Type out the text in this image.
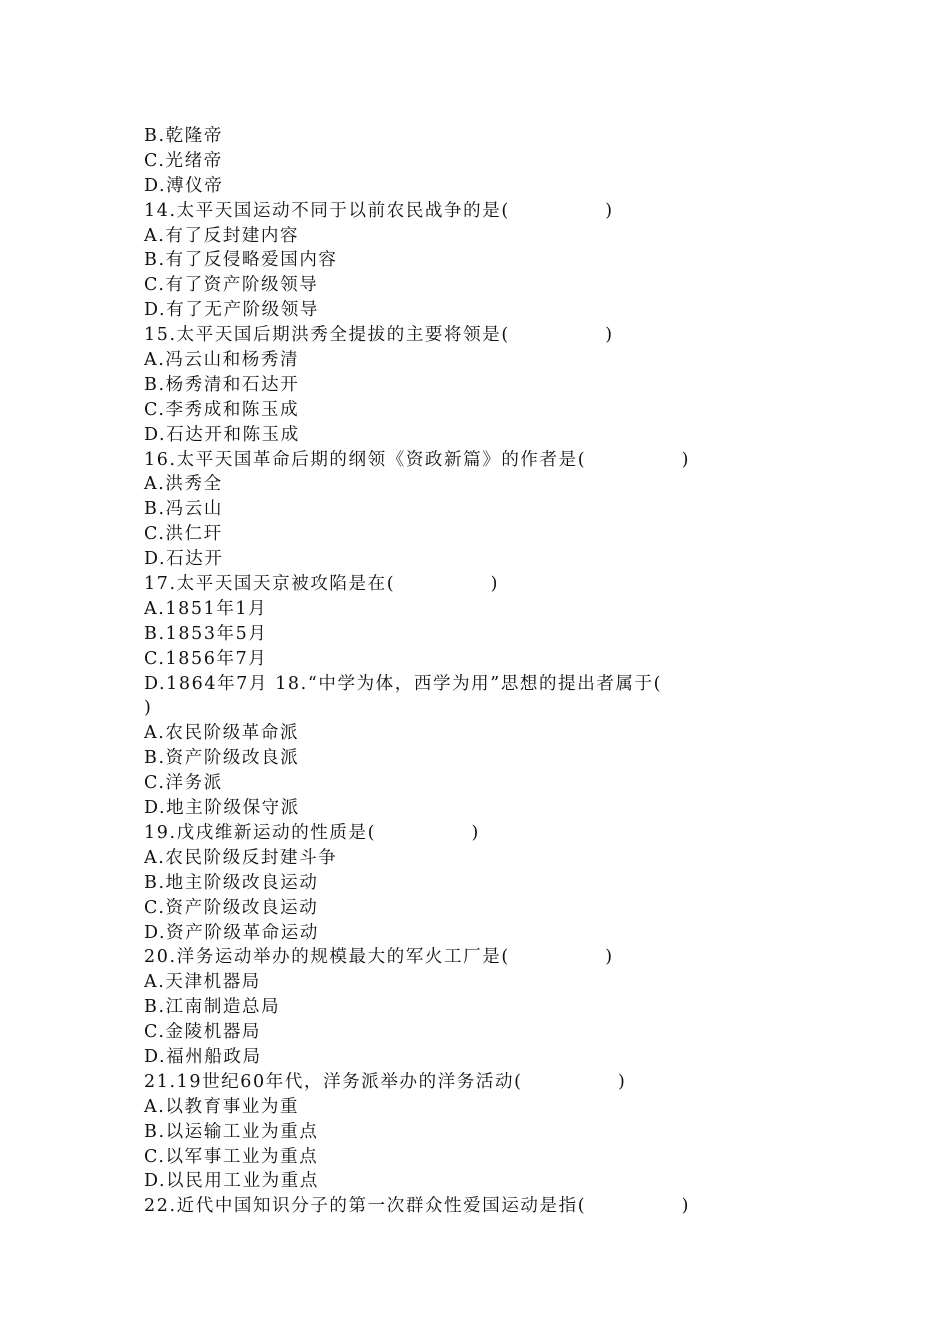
B.乾隆帝
C.光绪帝
D.溥仪帝
14.太平天国运动不同于以前农民战争的是(　　　　　)
A.有了反封建内容
B.有了反侵略爱国内容
C.有了资产阶级领导
D.有了无产阶级领导
15.太平天国后期洪秀全提拔的主要将领是(　　　　　)
A.冯云山和杨秀清
B.杨秀清和石达开
C.李秀成和陈玉成
D.石达开和陈玉成
16.太平天国革命后期的纲领《资政新篇》的作者是(　　　　　)
A.洪秀全
B.冯云山
C.洪仁玕
D.石达开
17.太平天国天京被攻陷是在(　　　　　)
A.1851年1月
B.1853年5月
C.1856年7月
D.1864年7月 18.“中学为体，西学为用”思想的提出者属于(
)
A.农民阶级革命派
B.资产阶级改良派
C.洋务派
D.地主阶级保守派
19.戊戌维新运动的性质是(　　　　　)
A.农民阶级反封建斗争
B.地主阶级改良运动
C.资产阶级改良运动
D.资产阶级革命运动
20.洋务运动举办的规模最大的军火工厂是(　　　　　)
A.天津机器局
B.江南制造总局
C.金陵机器局
D.福州船政局
21.19世纪60年代，洋务派举办的洋务活动(　　　　　)
A.以教育事业为重
B.以运输工业为重点
C.以军事工业为重点
D.以民用工业为重点
22.近代中国知识分子的第一次群众性爱国运动是指(　　　　　)
